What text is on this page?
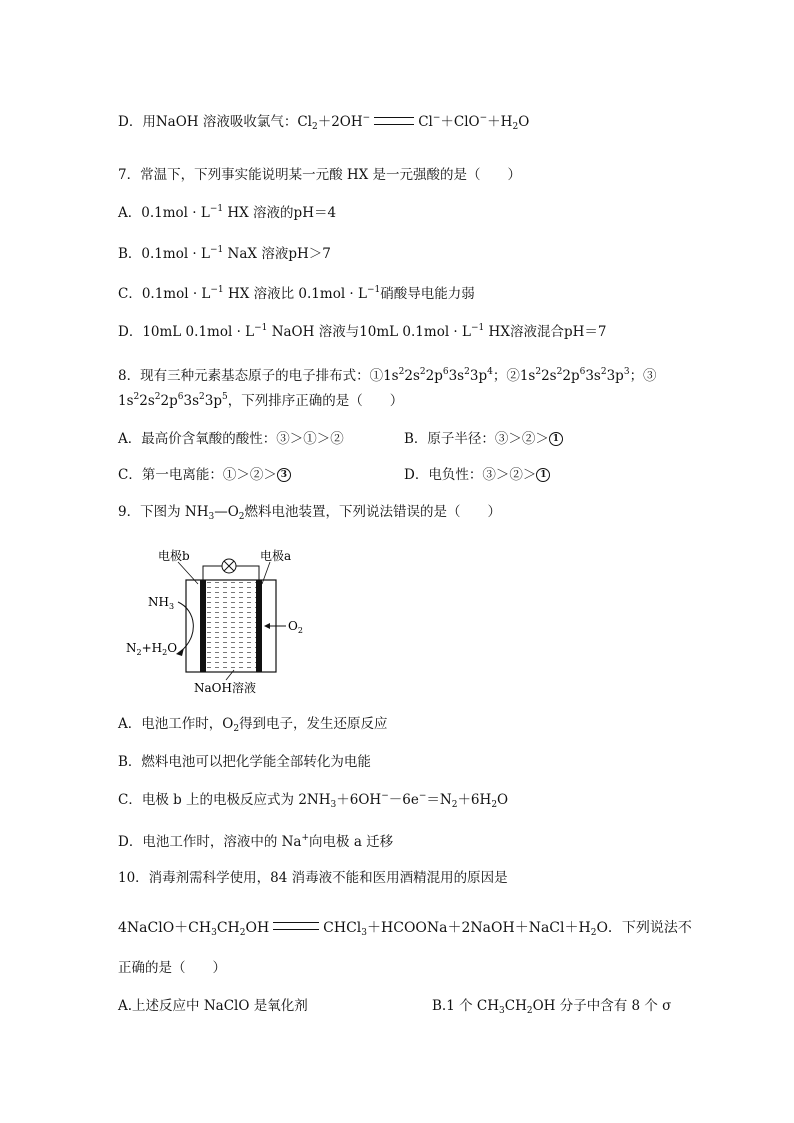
D．用NaOH 溶液吸收氯气：$Cl_2+2OH^-$	$Cl^-+ClO^-+H_2O$
7．常温下，下列事实能说明某一元酸 HX 是一元强酸的是（　　）
A．$0.1mol \cdot L^{-1}$ HX 溶液的pH＝4
B．$0.1mol \cdot L^{-1}$ NaX 溶液pH＞7
C．$0.1mol \cdot L^{-1}$ HX 溶液比 $0.1mol \cdot L^{-1}$硝酸导电能力弱
D．10mL $0.1mol \cdot L^{-1}$ NaOH 溶液与10mL $0.1mol \cdot L^{-1}$ HX溶液混合pH＝7
8．现有三种元素基态原子的电子排布式：$①1s^22s^22p^63s^23p^4$；$②1s^22s^22p^63s^23p^3$；③
$1s^22s^22p^63s^23p^5$，下列排序正确的是（　　）
A．最高价含氧酸的酸性：③＞①＞②	B．原子半径：③＞②＞ 1
C．第一电离能：①＞②＞ 3	D．电负性：③＞②＞ 1
9．下图为 $NH_3—O_2$燃料电池装置，下列说法错误的是（　　）
电极b	电极a
$NH_3$
$N_2+H_2O$
$O_2$
NaOH溶液
A．电池工作时，$O_2$得到电子，发生还原反应
B．燃料电池可以把化学能全部转化为电能
C．电极 b 上的电极反应式为 $2NH_3+6OH^--6e^-=N_2+6H_2O$
D．电池工作时，溶液中的 Na+向电极 a 迁移
10．消毒剂需科学使用，84 消毒液不能和医用酒精混用的原因是
$4NaClO+CH_3CH_2OH$	$CHCl_3+HCOONa+2NaOH+NaCl+H_2O$．下列说法不
正确的是（　　）
A.上述反应中 NaClO 是氧化剂	B.1 个 $CH_3CH_2OH$ 分子中含有 8 个 σ
